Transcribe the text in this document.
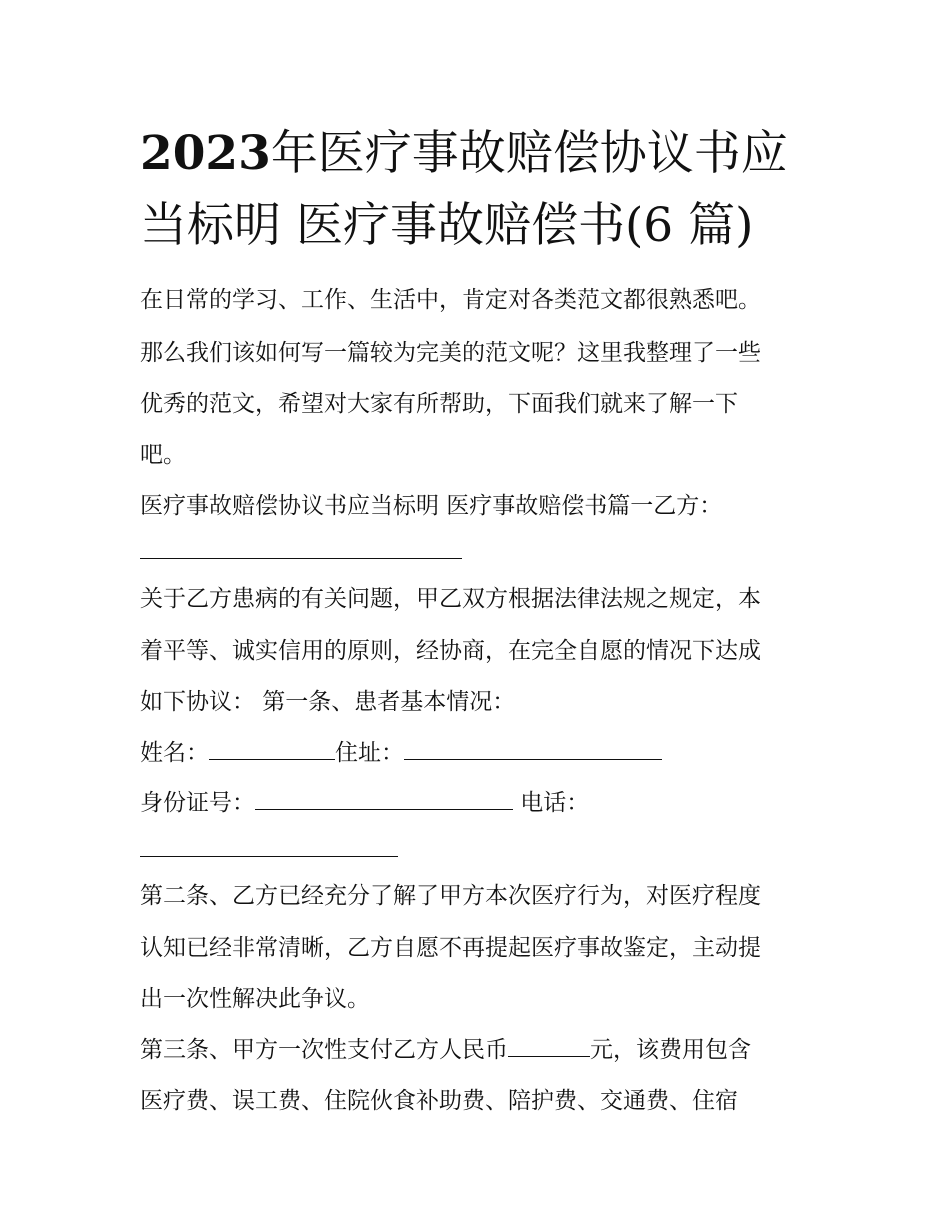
2023年医疗事故赔偿协议书应
当标明 医疗事故赔偿书(6 篇)

在日常的学习、工作、生活中，肯定对各类范文都很熟悉吧。

那么我们该如何写一篇较为完美的范文呢？这里我整理了一些

优秀的范文，希望对大家有所帮助，下面我们就来了解一下

吧。

医疗事故赔偿协议书应当标明 医疗事故赔偿书篇一乙方：

关于乙方患病的有关问题，甲乙双方根据法律法规之规定，本

着平等、诚实信用的原则，经协商，在完全自愿的情况下达成

如下协议： 第一条、患者基本情况：

姓名：	住址：

身份证号：	电话：

第二条、乙方已经充分了解了甲方本次医疗行为，对医疗程度

认知已经非常清晰，乙方自愿不再提起医疗事故鉴定，主动提

出一次性解决此争议。

第三条、甲方一次性支付乙方人民币	元，该费用包含

医疗费、误工费、住院伙食补助费、陪护费、交通费、住宿
